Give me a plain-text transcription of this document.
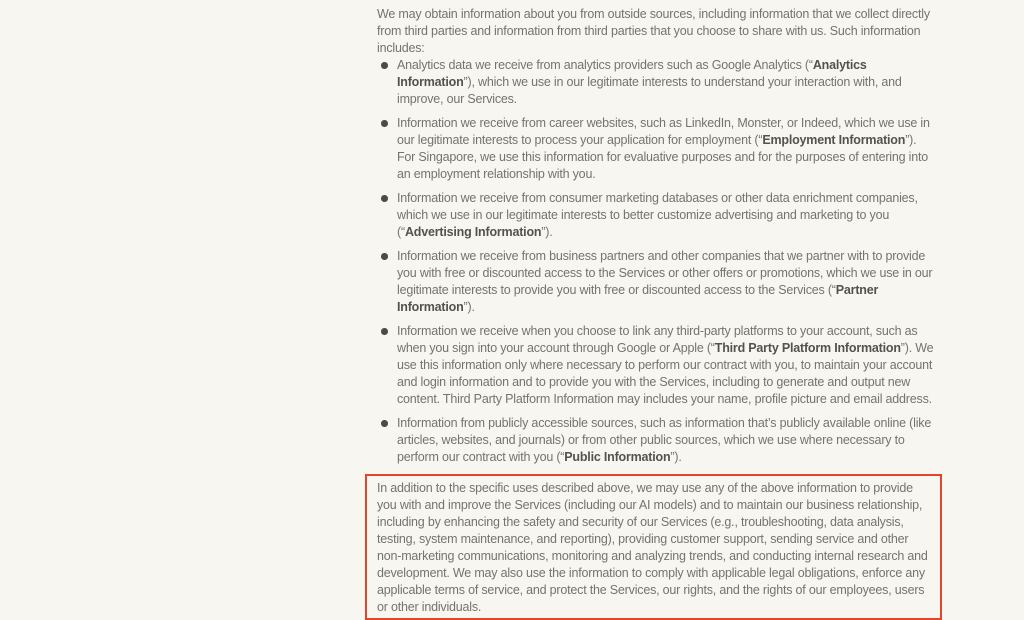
We may obtain information about you from outside sources, including information that we collect directly from third parties and information from third parties that you choose to share with us. Such information includes:

Analytics data we receive from analytics providers such as Google Analytics (“Analytics Information”), which we use in our legitimate interests to understand your interaction with, and improve, our Services.
Information we receive from career websites, such as LinkedIn, Monster, or Indeed, which we use in our legitimate interests to process your application for employment (“Employment Information”). For Singapore, we use this information for evaluative purposes and for the purposes of entering into an employment relationship with you.
Information we receive from consumer marketing databases or other data enrichment companies, which we use in our legitimate interests to better customize advertising and marketing to you (“Advertising Information”).
Information we receive from business partners and other companies that we partner with to provide you with free or discounted access to the Services or other offers or promotions, which we use in our legitimate interests to provide you with free or discounted access to the Services (“Partner Information”).
Information we receive when you choose to link any third-party platforms to your account, such as when you sign into your account through Google or Apple (“Third Party Platform Information”). We use this information only where necessary to perform our contract with you, to maintain your account and login information and to provide you with the Services, including to generate and output new content. Third Party Platform Information may includes your name, profile picture and email address.
Information from publicly accessible sources, such as information that’s publicly available online (like articles, websites, and journals) or from other public sources, which we use where necessary to perform our contract with you (“Public Information”).

In addition to the specific uses described above, we may use any of the above information to provide you with and improve the Services (including our AI models) and to maintain our business relationship, including by enhancing the safety and security of our Services (e.g., troubleshooting, data analysis, testing, system maintenance, and reporting), providing customer support, sending service and other non-marketing communications, monitoring and analyzing trends, and conducting internal research and development. We may also use the information to comply with applicable legal obligations, enforce any applicable terms of service, and protect the Services, our rights, and the rights of our employees, users or other individuals.
